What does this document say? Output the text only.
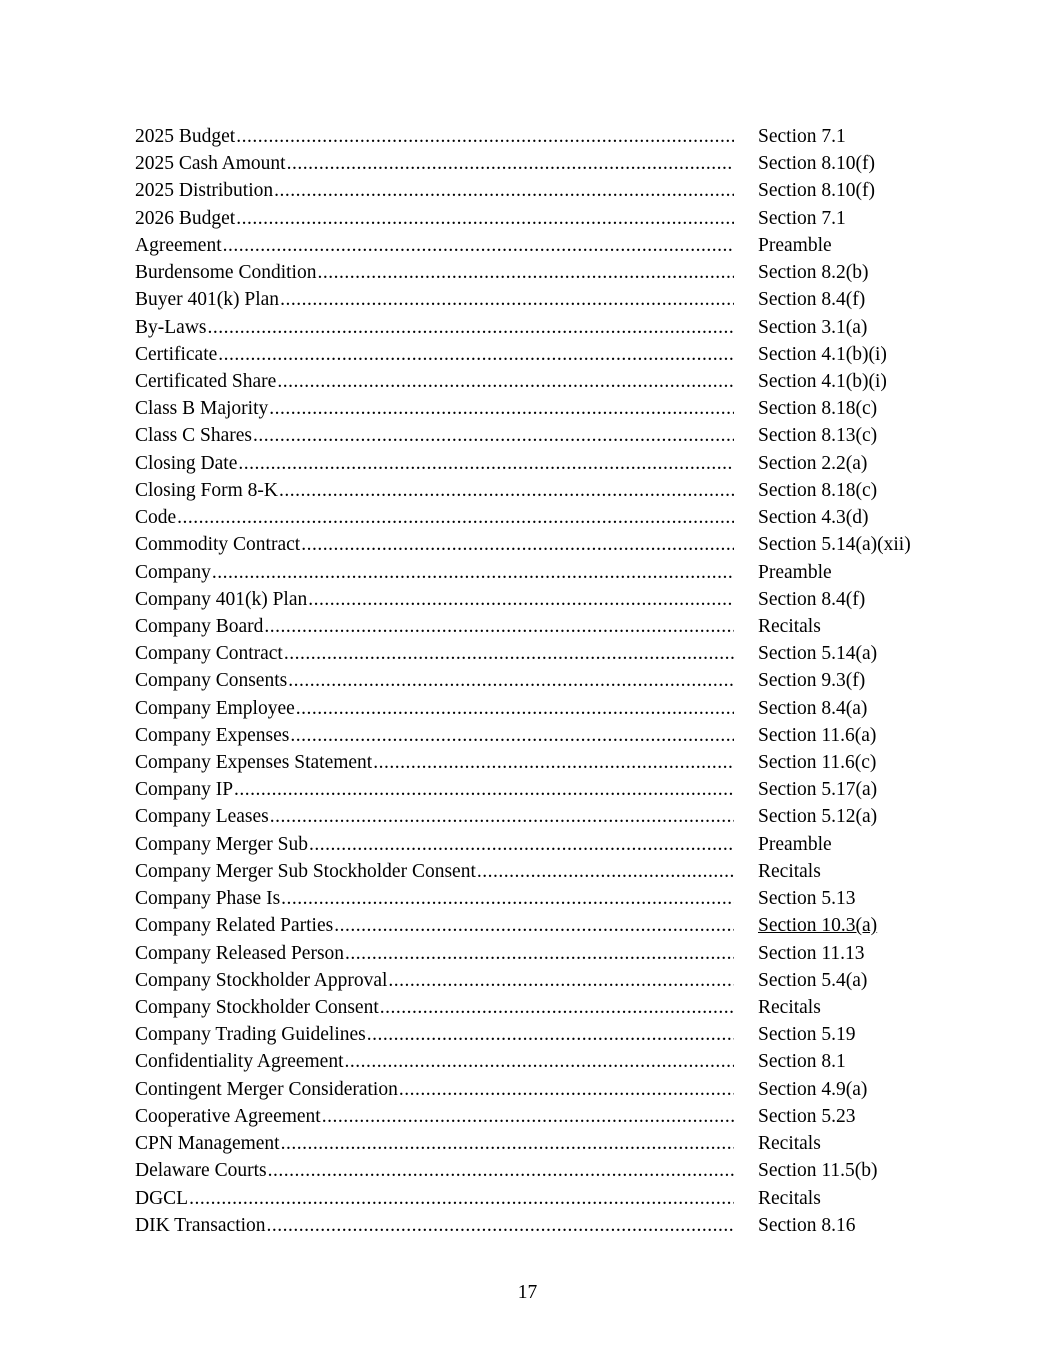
2025 Budget .....	Section 7.1
2025 Cash Amount .....	Section 8.10(f)
2025 Distribution .....	Section 8.10(f)
2026 Budget .....	Section 7.1
Agreement .....	Preamble
Burdensome Condition .....	Section 8.2(b)
Buyer 401(k) Plan .....	Section 8.4(f)
By-Laws .....	Section 3.1(a)
Certificate .....	Section 4.1(b)(i)
Certificated Share .....	Section 4.1(b)(i)
Class B Majority .....	Section 8.18(c)
Class C Shares .....	Section 8.13(c)
Closing Date .....	Section 2.2(a)
Closing Form 8-K .....	Section 8.18(c)
Code .....	Section 4.3(d)
Commodity Contract .....	Section 5.14(a)(xii)
Company .....	Preamble
Company 401(k) Plan .....	Section 8.4(f)
Company Board .....	Recitals
Company Contract .....	Section 5.14(a)
Company Consents .....	Section 9.3(f)
Company Employee .....	Section 8.4(a)
Company Expenses .....	Section 11.6(a)
Company Expenses Statement .....	Section 11.6(c)
Company IP .....	Section 5.17(a)
Company Leases .....	Section 5.12(a)
Company Merger Sub .....	Preamble
Company Merger Sub Stockholder Consent .....	Recitals
Company Phase Is .....	Section 5.13
Company Related Parties .....	Section 10.3(a)
Company Released Person .....	Section 11.13
Company Stockholder Approval .....	Section 5.4(a)
Company Stockholder Consent .....	Recitals
Company Trading Guidelines .....	Section 5.19
Confidentiality Agreement .....	Section 8.1
Contingent Merger Consideration .....	Section 4.9(a)
Cooperative Agreement .....	Section 5.23
CPN Management .....	Recitals
Delaware Courts .....	Section 11.5(b)
DGCL .....	Recitals
DIK Transaction .....	Section 8.16
17
